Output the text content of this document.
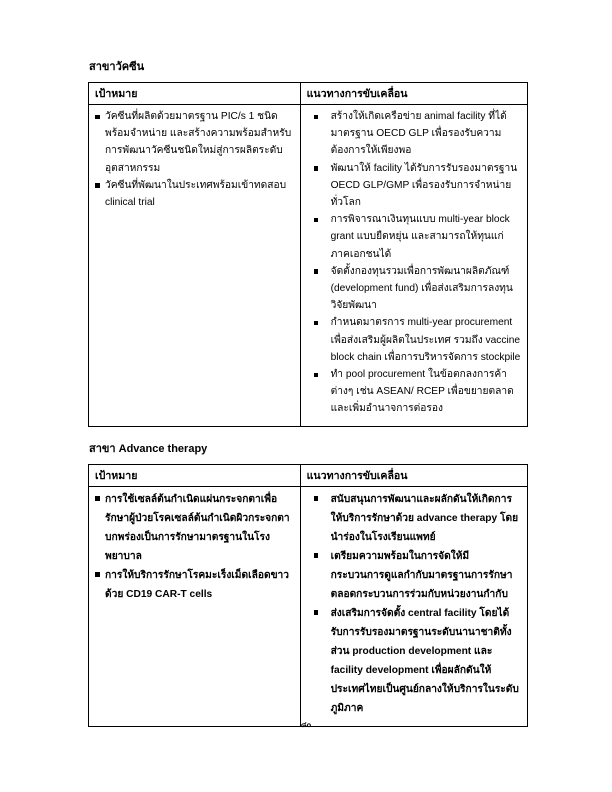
สาขาวัคซีน
เป้าหมาย	แนวทางการขับเคลื่อน

วัคซีนที่ผลิตด้วยมาตรฐาน PIC/s 1 ชนิดพร้อมจำหน่าย และสร้างความพร้อมสำหรับการพัฒนาวัคซีนชนิดใหม่สู่การผลิตระดับอุตสาหกรรม
วัคซีนที่พัฒนาในประเทศพร้อมเข้าทดสอบ clinical trial

สร้างให้เกิดเครือข่าย animal facility ที่ได้มาตรฐาน OECD GLP เพื่อรองรับความต้องการให้เพียงพอ
พัฒนาให้ facility ได้รับการรับรองมาตรฐาน OECD GLP/GMP เพื่อรองรับการจำหน่ายทั่วโลก
การพิจารณาเงินทุนแบบ multi-year block grant แบบยืดหยุ่น และสามารถให้ทุนแก่ภาคเอกชนได้
จัดตั้งกองทุนรวมเพื่อการพัฒนาผลิตภัณฑ์ (development fund) เพื่อส่งเสริมการลงทุนวิจัยพัฒนา
กำหนดมาตรการ multi-year procurement เพื่อส่งเสริมผู้ผลิตในประเทศ รวมถึง vaccine block chain เพื่อการบริหารจัดการ stockpile
ทำ pool procurement ในข้อตกลงการค้าต่างๆ เช่น ASEAN/ RCEP เพื่อขยายตลาดและเพิ่มอำนาจการต่อรอง
สาขา Advance therapy
เป้าหมาย	แนวทางการขับเคลื่อน

การใช้เซลล์ต้นกำเนิดแผ่นกระจกตาเพื่อรักษาผู้ป่วยโรคเซลล์ต้นกำเนิดผิวกระจกตาบกพร่องเป็นการรักษามาตรฐานในโรงพยาบาล
การให้บริการรักษาโรคมะเร็งเม็ดเลือดขาวด้วย CD19 CAR-T cells

สนับสนุนการพัฒนาและผลักดันให้เกิดการให้บริการรักษาด้วย advance therapy โดยนำร่องในโรงเรียนแพทย์
เตรียมความพร้อมในการจัดให้มีกระบวนการดูแลกำกับมาตรฐานการรักษาตลอดกระบวนการร่วมกับหน่วยงานกำกับ
ส่งเสริมการจัดตั้ง central facility โดยได้รับการรับรองมาตรฐานระดับนานาชาติทั้งส่วน production development และ facility development เพื่อผลักดันให้ประเทศไทยเป็นศูนย์กลางให้บริการในระดับภูมิภาค
๘๐
